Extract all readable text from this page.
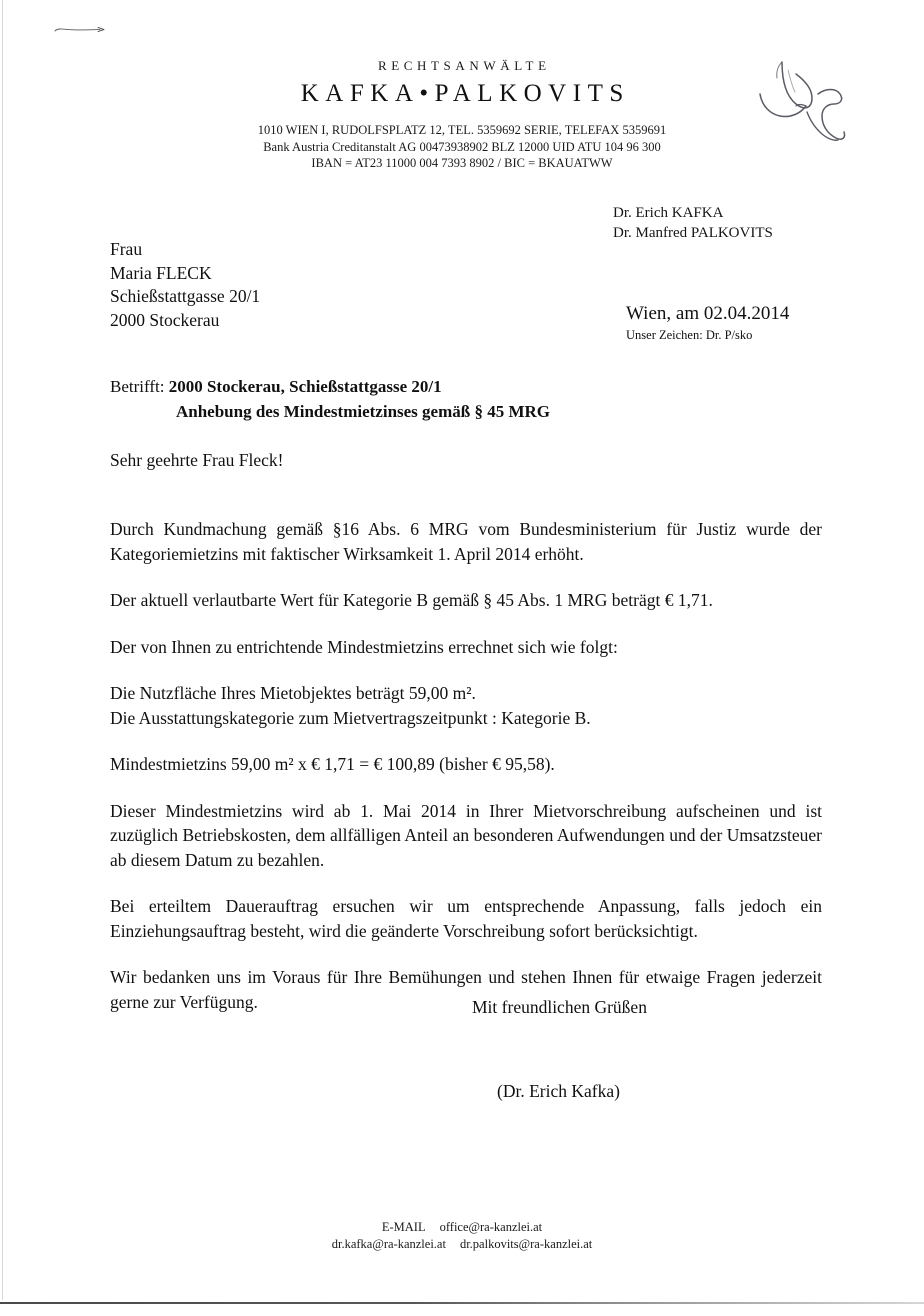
RECHTSANWÄLTE
KAFKA•PALKOVITS
1010 WIEN I, RUDOLFSPLATZ 12, TEL. 5359692 SERIE, TELEFAX 5359691
Bank Austria Creditanstalt AG 00473938902 BLZ 12000 UID ATU 104 96 300
IBAN = AT23 11000 004 7393 8902 / BIC = BKAUATWW
Dr. Erich KAFKA
Dr. Manfred PALKOVITS
Frau
Maria FLECK
Schießstattgasse 20/1
2000 Stockerau	Wien, am 02.04.2014
Unser Zeichen: Dr. P/sko
Betrifft: 2000 Stockerau, Schießstattgasse 20/1
Anhebung des Mindestmietzinses gemäß § 45 MRG
Sehr geehrte Frau Fleck!

Durch Kundmachung gemäß §16 Abs. 6 MRG vom Bundesministerium für Justiz wurde der Kategoriemietzins mit faktischer Wirksamkeit 1. April 2014 erhöht.

Der aktuell verlautbarte Wert für Kategorie B gemäß § 45 Abs. 1 MRG beträgt € 1,71.

Der von Ihnen zu entrichtende Mindestmietzins errechnet sich wie folgt:

Die Nutzfläche Ihres Mietobjektes beträgt 59,00 m².
Die Ausstattungskategorie zum Mietvertragszeitpunkt : Kategorie B.

Mindestmietzins 59,00 m² x € 1,71 = € 100,89 (bisher € 95,58).

Dieser Mindestmietzins wird ab 1. Mai 2014 in Ihrer Mietvorschreibung aufscheinen und ist zuzüglich Betriebskosten, dem allfälligen Anteil an besonderen Aufwendungen und der Umsatzsteuer ab diesem Datum zu bezahlen.

Bei erteiltem Dauerauftrag ersuchen wir um entsprechende Anpassung, falls jedoch ein Einziehungsauftrag besteht, wird die geänderte Vorschreibung sofort berücksichtigt.

Wir bedanken uns im Voraus für Ihre Bemühungen und stehen Ihnen für etwaige Fragen jederzeit gerne zur Verfügung.	Mit freundlichen Grüßen
(Dr. Erich Kafka)
E-MAIL office@ra-kanzlei.at
dr.kafka@ra-kanzlei.at dr.palkovits@ra-kanzlei.at
